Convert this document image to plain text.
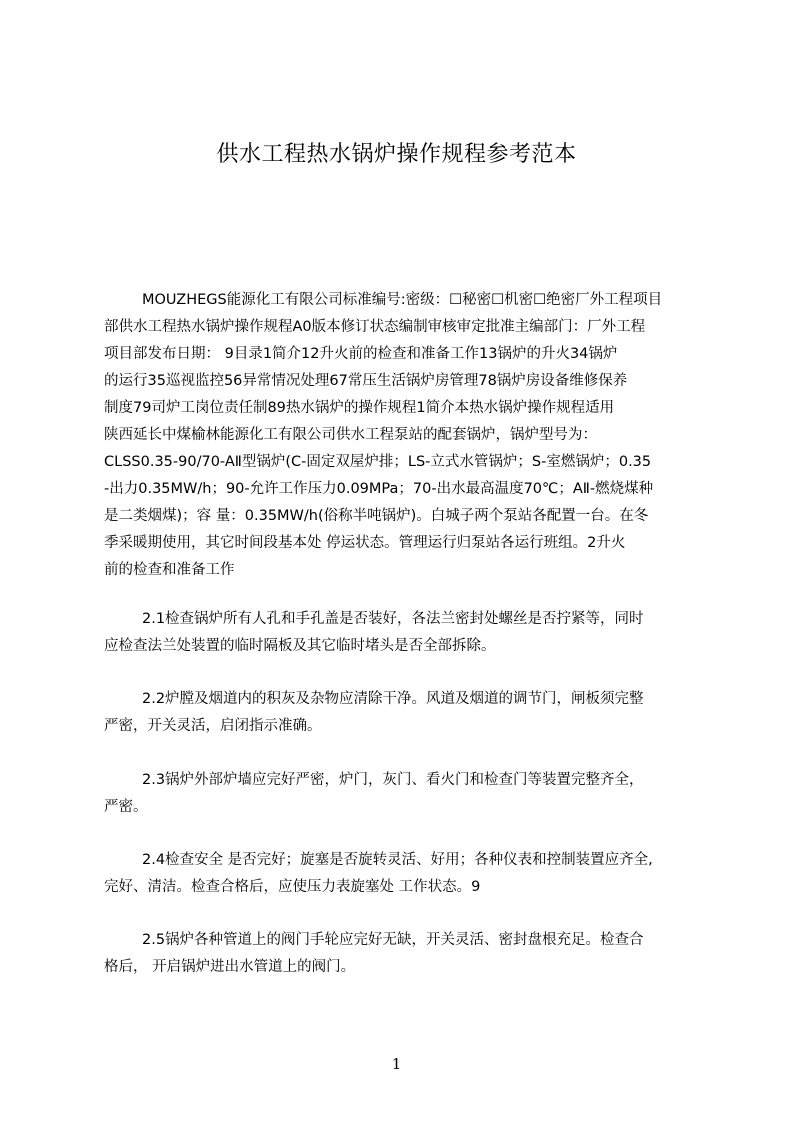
供水工程热水锅炉操作规程参考范本
MOUZHEGS能源化工有限公司标准编号:密级：☐秘密☐机密☐绝密厂外工程项目
部供水工程热水锅炉操作规程A0版本修订状态编制审核审定批准主编部门：厂外工程
项目部发布日期： 9目录1简介12升火前的检查和准备工作13锅炉的升火34锅炉
的运行35巡视监控56异常情况处理67常压生活锅炉房管理78锅炉房设备维修保养
制度79司炉工岗位责任制89热水锅炉的操作规程1简介本热水锅炉操作规程适用
陕西延长中煤榆林能源化工有限公司供水工程泵站的配套锅炉，锅炉型号为：
CLSS0.35-90/70-AⅡ型锅炉(C-固定双屋炉排；LS-立式水管锅炉；S-室燃锅炉；0.35
-出力0.35MW/h；90-允许工作压力0.09MPa；70-出水最高温度70℃；AⅡ-燃烧煤种
是二类烟煤)；容 量：0.35MW/h(俗称半吨锅炉)。白城子两个泵站各配置一台。在冬
季采暖期使用，其它时间段基本处 停运状态。管理运行归泵站各运行班组。2升火
前的检查和准备工作
2.1检查锅炉所有人孔和手孔盖是否装好，各法兰密封处螺丝是否拧紧等，同时
应检查法兰处装置的临时隔板及其它临时堵头是否全部拆除。
2.2炉膛及烟道内的积灰及杂物应清除干净。风道及烟道的调节门，闸板须完整
严密，开关灵活，启闭指示准确。
2.3锅炉外部炉墙应完好严密，炉门，灰门、看火门和检查门等装置完整齐全，
严密。
2.4检查安全 是否完好；旋塞是否旋转灵活、好用；各种仪表和控制装置应齐全,
完好、清洁。检查合格后，应使压力表旋塞处 工作状态。9
2.5锅炉各种管道上的阀门手轮应完好无缺，开关灵活、密封盘根充足。检查合
格后， 开启锅炉进出水管道上的阀门。
1
